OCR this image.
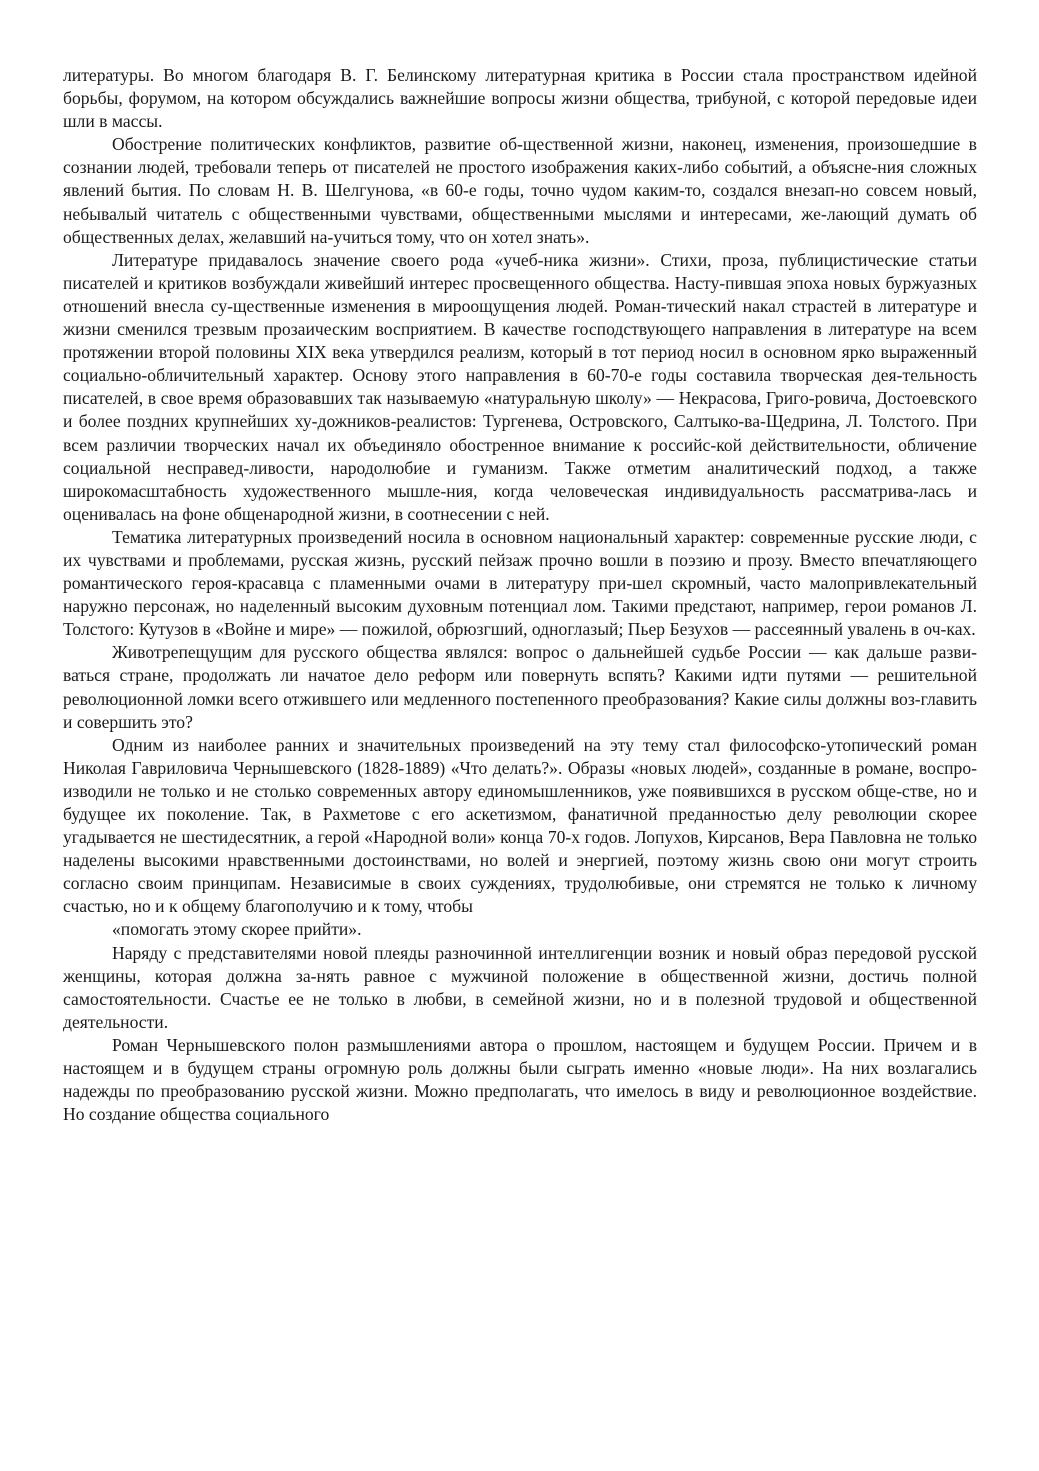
литературы. Во многом благодаря В. Г. Белинскому литературная критика в России стала пространством идейной борьбы, форумом, на котором обсуждались важнейшие вопросы жизни общества, трибуной, с которой передовые идеи шли в массы.

Обострение политических конфликтов, развитие об-щественной жизни, наконец, изменения, произошедшие в сознании людей, требовали теперь от писателей не простого изображения каких-либо событий, а объясне-ния сложных явлений бытия. По словам Н. В. Шелгунова, «в 60-е годы, точно чудом каким-то, создался внезап-но совсем новый, небывалый читатель с общественными чувствами, общественными мыслями и интересами, же-лающий думать об общественных делах, желавший на-учиться тому, что он хотел знать».

Литературе придавалось значение своего рода «учеб-ника жизни». Стихи, проза, публицистические статьи писателей и критиков возбуждали живейший интерес просвещенного общества. Насту-пившая эпоха новых буржуазных отношений внесла су-щественные изменения в мироощущения людей. Роман-тический накал страстей в литературе и жизни сменился трезвым прозаическим восприятием. В качестве господствующего направления в литературе на всем протяжении второй половины XIX века утвердился реализм, который в тот период носил в основном ярко выраженный социально-обличительный характер. Основу этого направления в 60-70-е годы составила творческая дея-тельность писателей, в свое время образовавших так называемую «натуральную школу» — Некрасова, Григо-ровича, Достоевского и более поздних крупнейших ху-дожников-реалистов: Тургенева, Островского, Салтыко-ва-Щедрина, Л. Толстого. При всем различии творческих начал их объединяло обостренное внимание к российс-кой действительности, обличение социальной несправед-ливости, народолюбие и гуманизм. Также отметим аналитический подход, а также широкомасштабность художественного мышле-ния, когда человеческая индивидуальность рассматрива-лась и оценивалась на фоне общенародной жизни, в соотнесении с ней.

Тематика литературных произведений носила в основном национальный характер: современные русские люди, с их чувствами и проблемами, русская жизнь, русский пейзаж прочно вошли в поэзию и прозу. Вместо впечатляющего романтического героя-красавца с пламенными очами в литературу при-шел скромный, часто малопривлекательный наружно персонаж, но наделенный высоким духовным потенциал лом. Такими предстают, например, герои романов Л. Толстого: Кутузов в «Войне и мире» — пожилой, обрюзгший, одноглазый; Пьер Безухов — рассеянный увалень в оч-ках.

Животрепещущим для русского общества являлся: вопрос о дальнейшей судьбе России — как дальше разви-ваться стране, продолжать ли начатое дело реформ или повернуть вспять? Какими идти путями — решительной революционной ломки всего отжившего или медленного постепенного преобразования? Какие силы должны воз-главить и совершить это?

Одним из наиболее ранних и значительных произведений на эту тему стал философско-утопический роман Николая Гавриловича Чернышевского (1828-1889) «Что делать?». Образы «новых людей», созданные в романе, воспро-изводили не только и не столько современных автору единомышленников, уже появившихся в русском обще-стве, но и будущее их поколение. Так, в Рахметове с его аскетизмом, фанатичной преданностью делу революции скорее угадывается не шестидесятник, а герой «Народной воли» конца 70-х годов. Лопухов, Кирсанов, Вера Павловна не только наделены высокими нравственными достоинствами, но волей и энергией, поэтому жизнь свою они могут строить согласно своим принципам. Независимые в своих суждениях, трудолюбивые, они стремятся не только к личному счастью, но и к общему благополучию и к тому, чтобы

«помогать этому скорее прийти».

Наряду с представителями новой плеяды разночинной интеллигенции возник и новый образ передовой русской женщины, которая должна за-нять равное с мужчиной положение в общественной жизни, достичь полной самостоятельности. Счастье ее не только в любви, в семейной жизни, но и в полезной трудовой и общественной деятельности.

Роман Чернышевского полон размышлениями автора о прошлом, настоящем и будущем России. Причем и в настоящем и в будущем страны огромную роль должны были сыграть именно «новые люди». На них возлагались надежды по преобразованию русской жизни. Можно предполагать, что имелось в виду и революционное воздействие. Но создание общества социального
